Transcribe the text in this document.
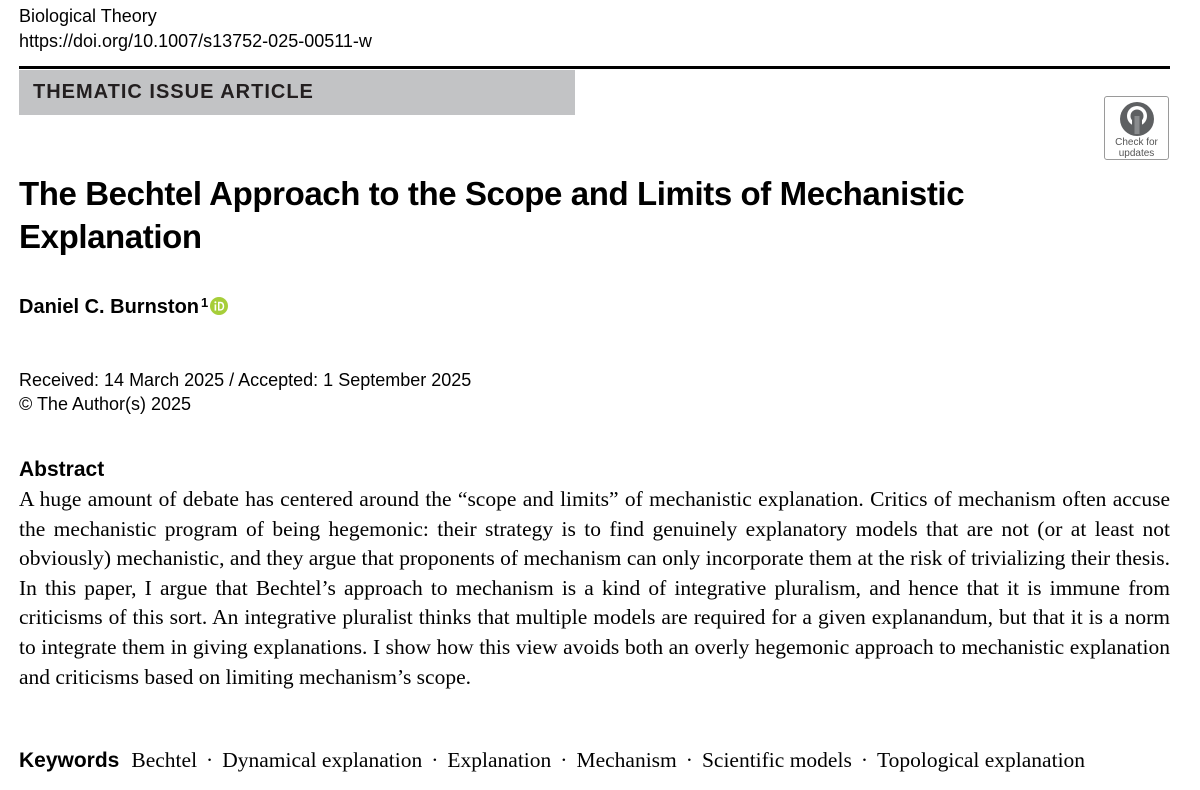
Biological Theory
https://doi.org/10.1007/s13752-025-00511-w
THEMATIC ISSUE ARTICLE
Check for
updates
The Bechtel Approach to the Scope and Limits of Mechanistic Explanation
Daniel C. Burnston$^1$
Received: 14 March 2025 / Accepted: 1 September 2025
© The Author(s) 2025
Abstract

A huge amount of debate has centered around the “scope and limits” of mechanistic explanation. Critics of mechanism often accuse the mechanistic program of being hegemonic: their strategy is to find genuinely explanatory models that are not (or at least not obviously) mechanistic, and they argue that proponents of mechanism can only incorporate them at the risk of trivializing their thesis. In this paper, I argue that Bechtel’s approach to mechanism is a kind of integrative pluralism, and hence that it is immune from criticisms of this sort. An integrative pluralist thinks that multiple models are required for a given explanandum, but that it is a norm to integrate them in giving explanations. I show how this view avoids both an overly hegemonic approach to mechanistic explanation and criticisms based on limiting mechanism’s scope.

Keywords Bechtel · Dynamical explanation · Explanation · Mechanism · Scientific models · Topological explanation
